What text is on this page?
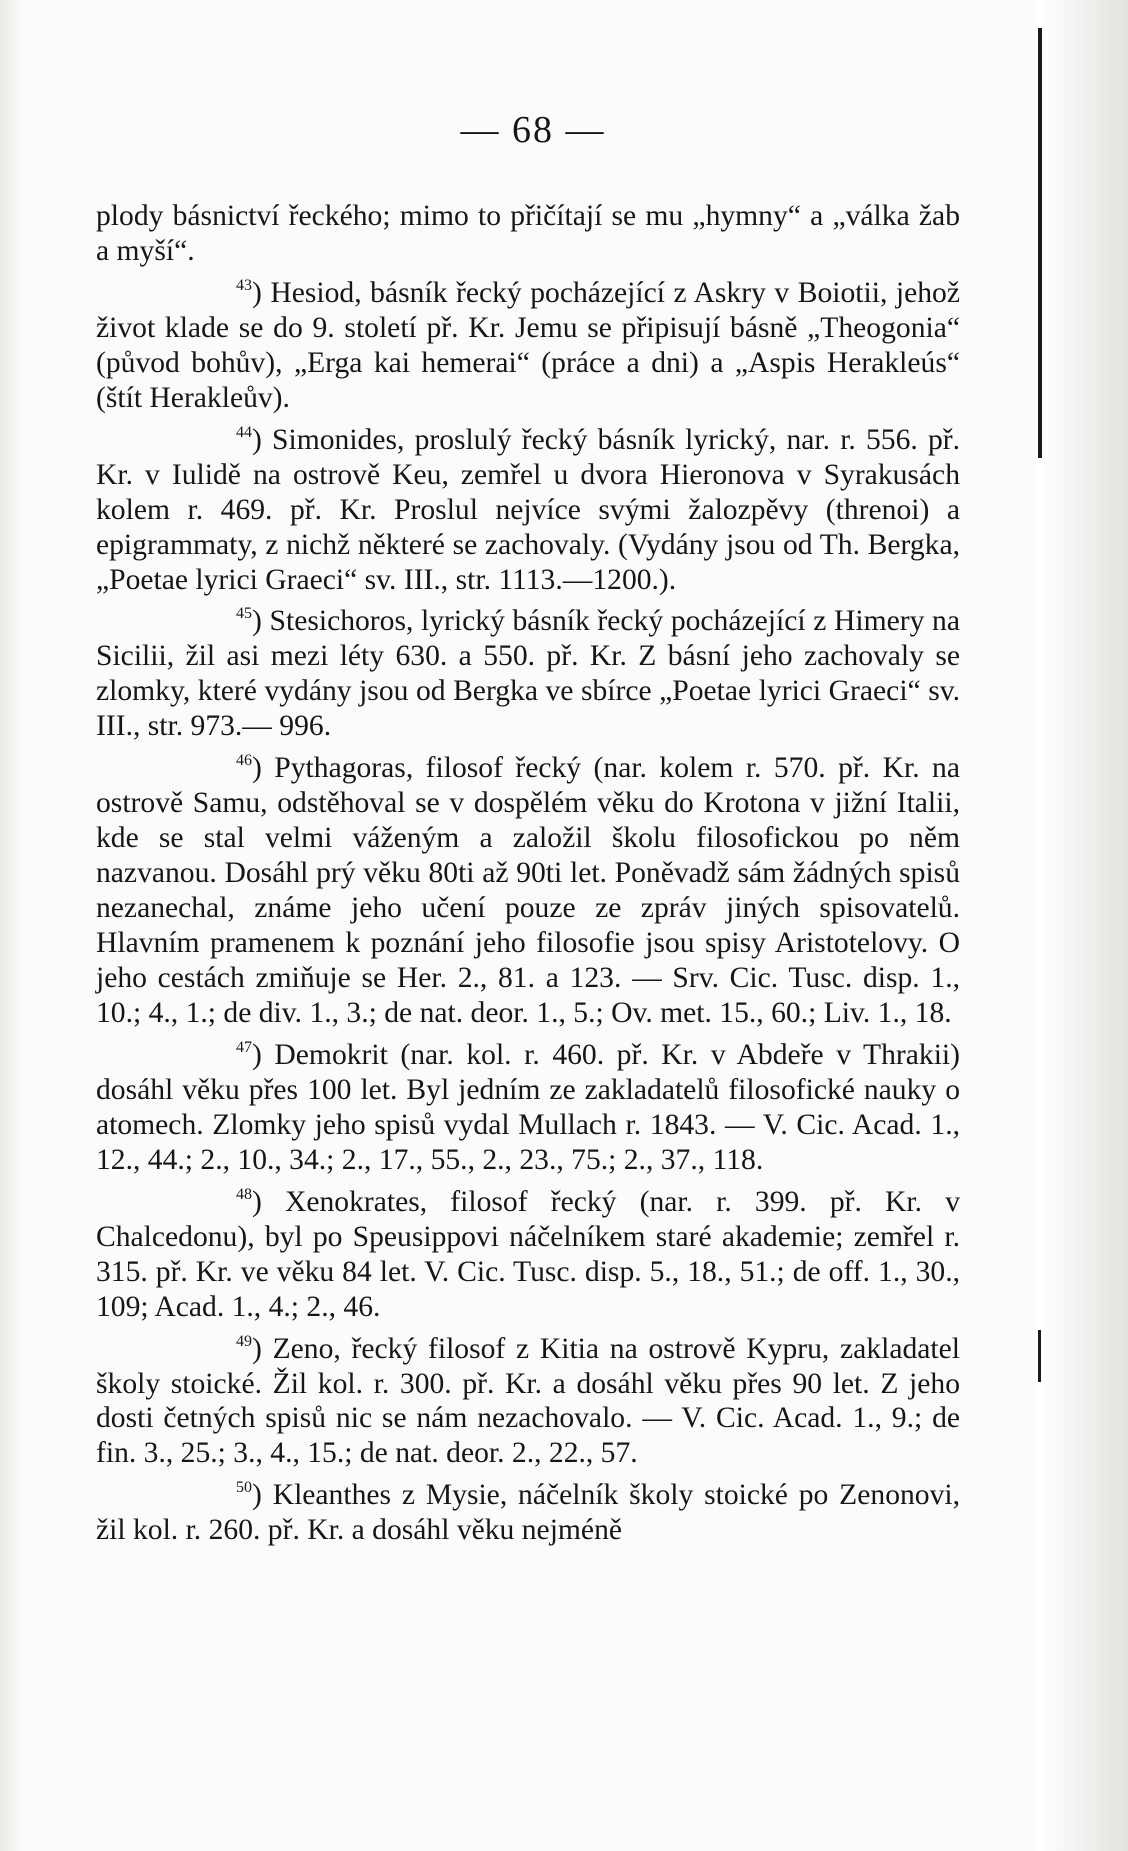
— 68 —

plody básnictví řeckého; mimo to přičítají se mu „hymny“ a „válka žab a myší“.

$^{43}$) Hesiod, básník řecký pocházející z Askry v Boiotii, jehož život klade se do 9. století př. Kr. Jemu se připisují básně „Theogonia“ (původ bohův), „Erga kai hemerai“ (práce a dni) a „Aspis Herakleús“ (štít Herakleův).

$^{44}$) Simonides, proslulý řecký básník lyrický, nar. r. 556. př. Kr. v Iulidě na ostrově Keu, zemřel u dvora Hieronova v Syrakusách kolem r. 469. př. Kr. Proslul nejvíce svými žalozpěvy (threnoi) a epigrammaty, z nichž některé se zachovaly. (Vydány jsou od Th. Bergka, „Poetae lyrici Graeci“ sv. III., str. 1113.—1200.).

$^{45}$) Stesichoros, lyrický básník řecký pocházející z Himery na Sicilii, žil asi mezi léty 630. a 550. př. Kr. Z básní jeho zachovaly se zlomky, které vydány jsou od Bergka ve sbírce „Poetae lyrici Graeci“ sv. III., str. 973.— 996.

$^{46}$) Pythagoras, filosof řecký (nar. kolem r. 570. př. Kr. na ostrově Samu, odstěhoval se v dospělém věku do Krotona v jižní Italii, kde se stal velmi váženým a založil školu filosofickou po něm nazvanou. Dosáhl prý věku 80ti až 90ti let. Poněvadž sám žádných spisů nezanechal, známe jeho učení pouze ze zpráv jiných spisovatelů. Hlavním pramenem k poznání jeho filosofie jsou spisy Aristotelovy. O jeho cestách zmiňuje se Her. 2., 81. a 123. — Srv. Cic. Tusc. disp. 1., 10.; 4., 1.; de div. 1., 3.; de nat. deor. 1., 5.; Ov. met. 15., 60.; Liv. 1., 18.

$^{47}$) Demokrit (nar. kol. r. 460. př. Kr. v Abdeře v Thrakii) dosáhl věku přes 100 let. Byl jedním ze zakladatelů filosofické nauky o atomech. Zlomky jeho spisů vydal Mullach r. 1843. — V. Cic. Acad. 1., 12., 44.; 2., 10., 34.; 2., 17., 55., 2., 23., 75.; 2., 37., 118.

$^{48}$) Xenokrates, filosof řecký (nar. r. 399. př. Kr. v Chalcedonu), byl po Speusippovi náčelníkem staré akademie; zemřel r. 315. př. Kr. ve věku 84 let. V. Cic. Tusc. disp. 5., 18., 51.; de off. 1., 30., 109; Acad. 1., 4.; 2., 46.

$^{49}$) Zeno, řecký filosof z Kitia na ostrově Kypru, zakladatel školy stoické. Žil kol. r. 300. př. Kr. a dosáhl věku přes 90 let. Z jeho dosti četných spisů nic se nám nezachovalo. — V. Cic. Acad. 1., 9.; de fin. 3., 25.; 3., 4., 15.; de nat. deor. 2., 22., 57.

$^{50}$) Kleanthes z Mysie, náčelník školy stoické po Zenonovi, žil kol. r. 260. př. Kr. a dosáhl věku nejméně
